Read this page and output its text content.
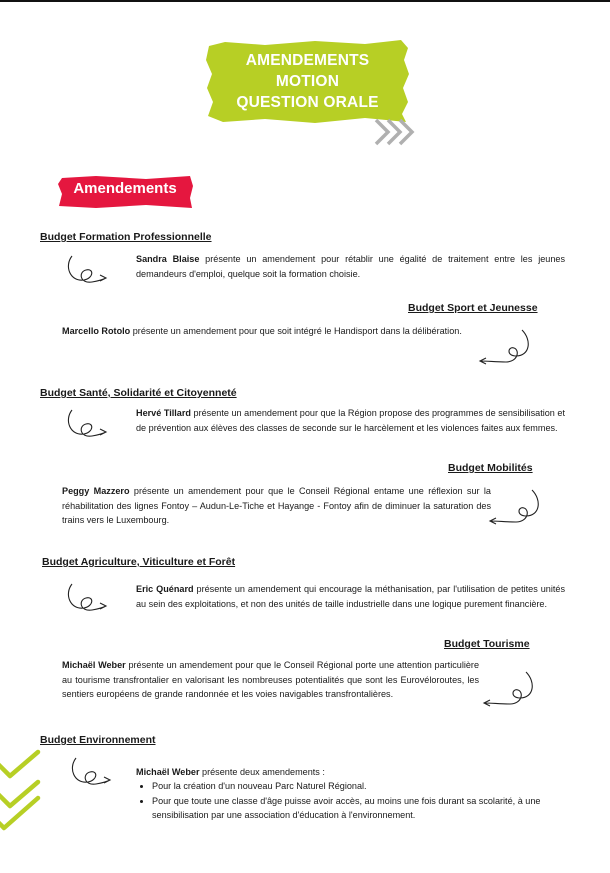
AMENDEMENTS
MOTION
QUESTION ORALE
Amendements
Budget Formation Professionnelle
Sandra Blaise présente un amendement pour rétablir une égalité de traitement entre les jeunes demandeurs d'emploi, quelque soit la formation choisie.
Budget Sport et Jeunesse
Marcello Rotolo présente un amendement pour que soit intégré le Handisport dans la délibération.
Budget Santé, Solidarité et Citoyenneté
Hervé Tillard présente un amendement pour que la Région propose des programmes de sensibilisation et de prévention aux élèves des classes de seconde sur le harcèlement et les violences faites aux femmes.
Budget Mobilités
Peggy Mazzero présente un amendement pour que le Conseil Régional entame une réflexion sur la réhabilitation des lignes Fontoy – Audun-Le-Tiche et Hayange - Fontoy afin de diminuer la saturation des trains vers le Luxembourg.
Budget Agriculture, Viticulture et Forêt
Eric Quénard présente un amendement qui encourage la méthanisation, par l'utilisation de petites unités au sein des exploitations, et non des unités de taille industrielle dans une logique purement financière.
Budget Tourisme
Michaël Weber présente un amendement pour que le Conseil Régional porte une attention particulière au tourisme transfrontalier en valorisant les nombreuses potentialités que sont les Eurovéloroutes, les sentiers européens de grande randonnée et les voies navigables transfrontalières.
Budget Environnement
Michaël Weber présente deux amendements :
• Pour la création d'un nouveau Parc Naturel Régional.
• Pour que toute une classe d'âge puisse avoir accès, au moins une fois durant sa scolarité, à une sensibilisation par une association d'éducation à l'environnement.
